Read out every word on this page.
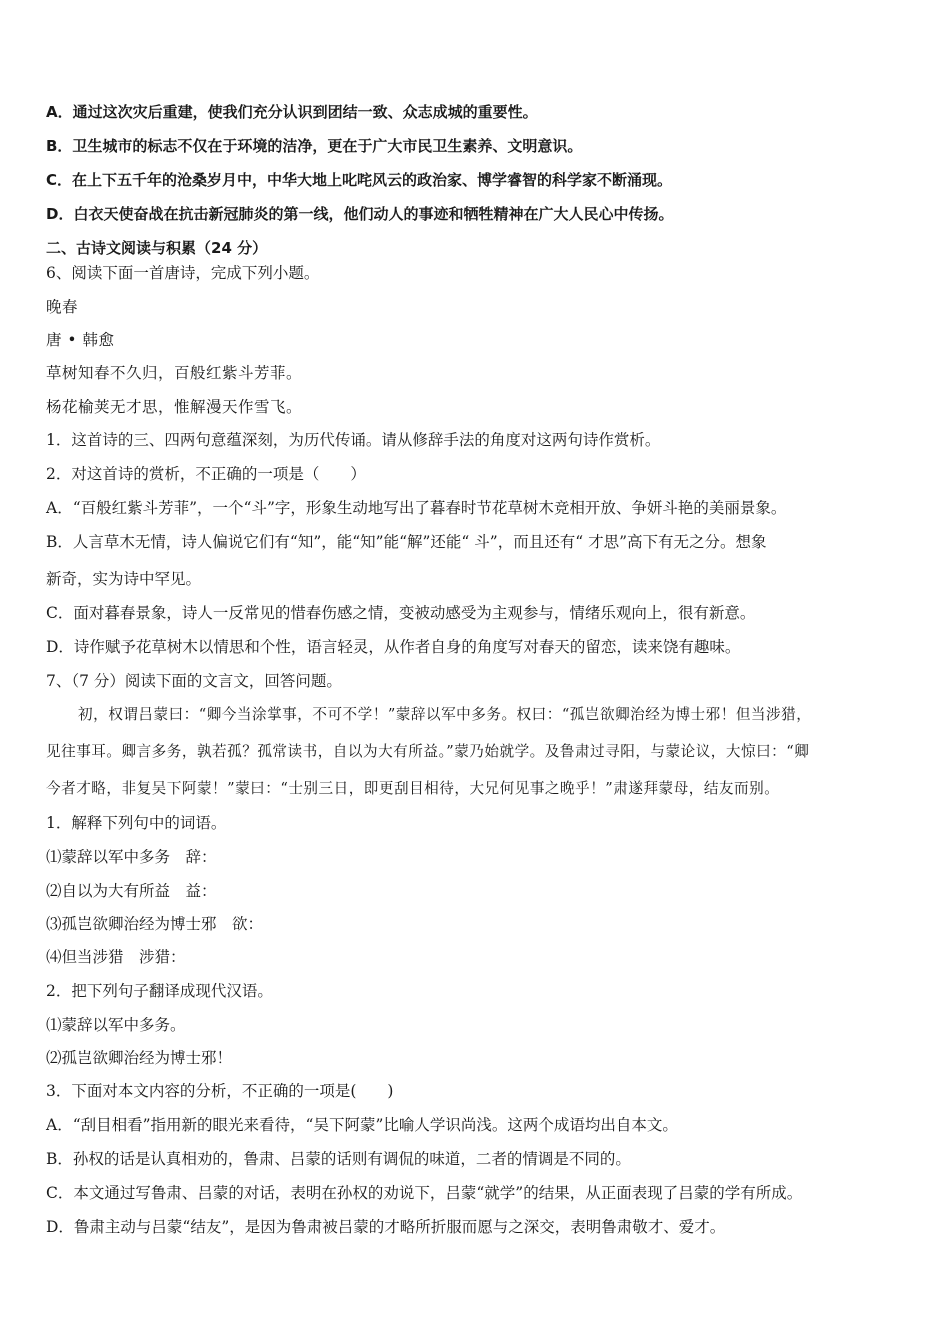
A．通过这次灾后重建，使我们充分认识到团结一致、众志成城的重要性。
B．卫生城市的标志不仅在于环境的洁净，更在于广大市民卫生素养、文明意识。
C．在上下五千年的沧桑岁月中，中华大地上叱咤风云的政治家、博学睿智的科学家不断涌现。
D．白衣天使奋战在抗击新冠肺炎的第一线，他们动人的事迹和牺牲精神在广大人民心中传扬。
二、古诗文阅读与积累（24 分）
6、阅读下面一首唐诗，完成下列小题。
晚春
唐 • 韩愈
草树知春不久归，百般红紫斗芳菲。
杨花榆荚无才思，惟解漫天作雪飞。
1．这首诗的三、四两句意蕴深刻，为历代传诵。请从修辞手法的角度对这两句诗作赏析。
2．对这首诗的赏析，不正确的一项是（　　）
A．“百般红紫斗芳菲”，一个“斗”字，形象生动地写出了暮春时节花草树木竞相开放、争妍斗艳的美丽景象。
B．人言草木无情，诗人偏说它们有“知”，能“知”能“解”还能“ 斗”，而且还有“ 才思”高下有无之分。想象
新奇，实为诗中罕见。
C．面对暮春景象，诗人一反常见的惜春伤感之情，变被动感受为主观参与，情绪乐观向上，很有新意。
D．诗作赋予花草树木以情思和个性，语言轻灵，从作者自身的角度写对春天的留恋，读来饶有趣味。
7、（7 分）阅读下面的文言文，回答问题。
初，权谓吕蒙曰：“卿今当涂掌事，不可不学！”蒙辞以军中多务。权曰：“孤岂欲卿治经为博士邪！但当涉猎，
见往事耳。卿言多务，孰若孤？孤常读书，自以为大有所益。”蒙乃始就学。及鲁肃过寻阳，与蒙论议，大惊曰：“卿
今者才略，非复吴下阿蒙！”蒙曰：“士别三日，即更刮目相待，大兄何见事之晚乎！”肃遂拜蒙母，结友而别。
1．解释下列句中的词语。
⑴蒙辞以军中多务　辞：
⑵自以为大有所益　益：
⑶孤岂欲卿治经为博士邪　欲：
⑷但当涉猎　涉猎：
2．把下列句子翻译成现代汉语。
⑴蒙辞以军中多务。
⑵孤岂欲卿治经为博士邪！
3．下面对本文内容的分析，不正确的一项是(　　)
A．“刮目相看”指用新的眼光来看待，“吴下阿蒙”比喻人学识尚浅。这两个成语均出自本文。
B．孙权的话是认真相劝的，鲁肃、吕蒙的话则有调侃的味道，二者的情调是不同的。
C．本文通过写鲁肃、吕蒙的对话，表明在孙权的劝说下，吕蒙“就学”的结果，从正面表现了吕蒙的学有所成。
D．鲁肃主动与吕蒙“结友”，是因为鲁肃被吕蒙的才略所折服而愿与之深交，表明鲁肃敬才、爱才。
